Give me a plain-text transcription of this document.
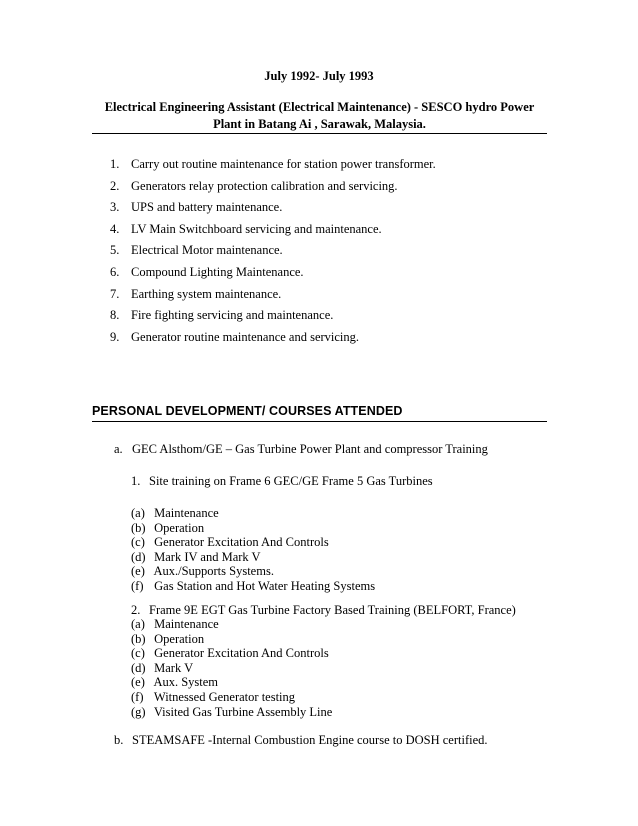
July 1992- July 1993
Electrical Engineering Assistant (Electrical Maintenance) - SESCO hydro Power
Plant in Batang Ai , Sarawak, Malaysia.
1. Carry out routine maintenance for station power transformer.
2. Generators relay protection calibration and servicing.
3. UPS and battery maintenance.
4. LV Main Switchboard servicing and maintenance.
5. Electrical Motor maintenance.
6. Compound Lighting Maintenance.
7. Earthing system maintenance.
8. Fire fighting servicing and maintenance.
9. Generator routine maintenance and servicing.
PERSONAL DEVELOPMENT/ COURSES ATTENDED
a. GEC Alsthom/GE – Gas Turbine Power Plant and compressor Training
1. Site training on Frame 6 GEC/GE Frame 5 Gas Turbines
(a) Maintenance
(b) Operation
(c) Generator Excitation And Controls
(d) Mark IV and Mark V
(e) Aux./Supports Systems.
(f) Gas Station and Hot Water Heating Systems
2. Frame 9E EGT Gas Turbine Factory Based Training (BELFORT, France)
(a) Maintenance
(b) Operation
(c) Generator Excitation And Controls
(d) Mark V
(e) Aux. System
(f) Witnessed Generator testing
(g) Visited Gas Turbine Assembly Line
b. STEAMSAFE -Internal Combustion Engine course to DOSH certified.
